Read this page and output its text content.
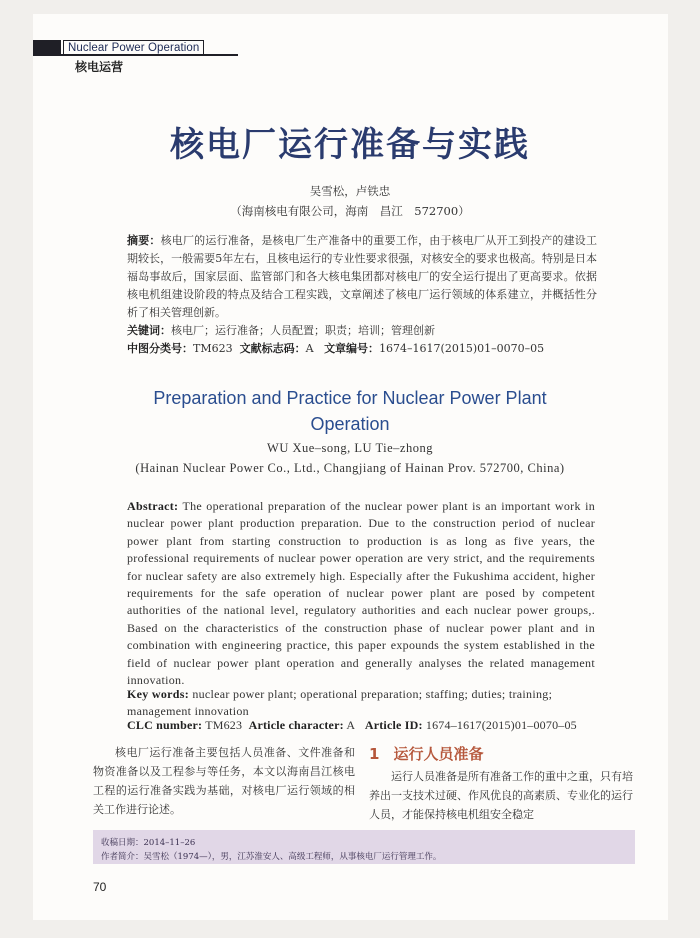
Nuclear Power Operation
核电运营
核电厂运行准备与实践
吴雪松，卢铁忠
（海南核电有限公司，海南　昌江　572700）
摘要：核电厂的运行准备，是核电厂生产准备中的重要工作，由于核电厂从开工到投产的建设工期较长，一般需要5年左右，且核电运行的专业性要求很强，对核安全的要求也极高。特别是日本福岛事故后，国家层面、监管部门和各大核电集团都对核电厂的安全运行提出了更高要求。依据核电机组建设阶段的特点及结合工程实践，文章阐述了核电厂运行领域的体系建立，并概括性分析了相关管理创新。
关键词：核电厂；运行准备；人员配置；职责；培训；管理创新
中图分类号：TM623 文献标志码：A 文章编号：1674–1617(2015)01–0070–05
Preparation and Practice for Nuclear Power Plant
Operation
WU Xue–song, LU Tie–zhong
(Hainan Nuclear Power Co., Ltd., Changjiang of Hainan Prov. 572700, China)
Abstract: The operational preparation of the nuclear power plant is an important work in nuclear power plant production preparation. Due to the construction period of nuclear power plant from starting construction to production is as long as five years, the professional requirements of nuclear power operation are very strict, and the requirements for nuclear safety are also extremely high. Especially after the Fukushima accident, higher requirements for the safe operation of nuclear power plant are posed by competent authorities of the national level, regulatory authorities and each nuclear power groups,. Based on the characteristics of the construction phase of nuclear power plant and in combination with engineering practice, this paper expounds the system established in the field of nuclear power plant operation and generally analyses the related management innovation.
Key words: nuclear power plant; operational preparation; staffing; duties; training; management innovation
CLC number: TM623 Article character: A Article ID: 1674–1617(2015)01–0070–05
核电厂运行准备主要包括人员准备、文件准备和物资准备以及工程参与等任务，本文以海南昌江核电工程的运行准备实践为基础，对核电厂运行领域的相关工作进行论述。
1 运行人员准备
运行人员准备是所有准备工作的重中之重，只有培养出一支技术过硬、作风优良的高素质、专业化的运行人员，才能保持核电机组安全稳定
收稿日期：2014–11–26
作者简介：吴雪松（1974—），男，江苏淮安人、高级工程师，从事核电厂运行管理工作。
70
